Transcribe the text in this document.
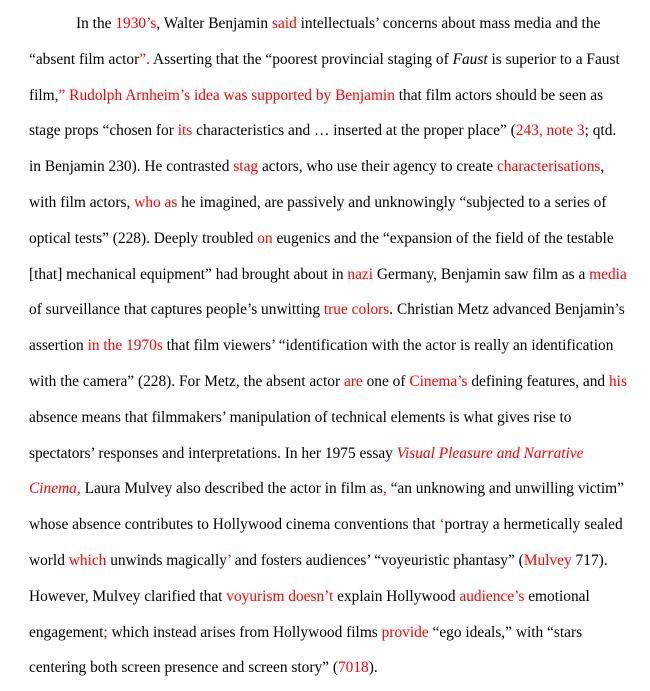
In the 1930’s, Walter Benjamin said intellectuals’ concerns about mass media and the
“absent film actor”. Asserting that the “poorest provincial staging of Faust is superior to a Faust
film,” Rudolph Arnheim’s idea was supported by Benjamin that film actors should be seen as
stage props “chosen for its characteristics and … inserted at the proper place” (243, note 3; qtd.
in Benjamin 230). He contrasted stag actors, who use their agency to create characterisations,
with film actors, who as he imagined, are passively and unknowingly “subjected to a series of
optical tests” (228). Deeply troubled on eugenics and the “expansion of the field of the testable
[that] mechanical equipment” had brought about in nazi Germany, Benjamin saw film as a media
of surveillance that captures people’s unwitting true colors. Christian Metz advanced Benjamin’s
assertion in the 1970s that film viewers’ “identification with the actor is really an identification
with the camera” (228). For Metz, the absent actor are one of Cinema’s defining features, and his
absence means that filmmakers’ manipulation of technical elements is what gives rise to
spectators’ responses and interpretations. In her 1975 essay Visual Pleasure and Narrative
Cinema, Laura Mulvey also described the actor in film as, “an unknowing and unwilling victim”
whose absence contributes to Hollywood cinema conventions that ‘portray a hermetically sealed
world which unwinds magically’ and fosters audiences’ “voyeuristic phantasy” (Mulvey 717).
However, Mulvey clarified that voyurism doesn’t explain Hollywood audience’s emotional
engagement; which instead arises from Hollywood films provide “ego ideals,” with “stars
centering both screen presence and screen story” (7018).
